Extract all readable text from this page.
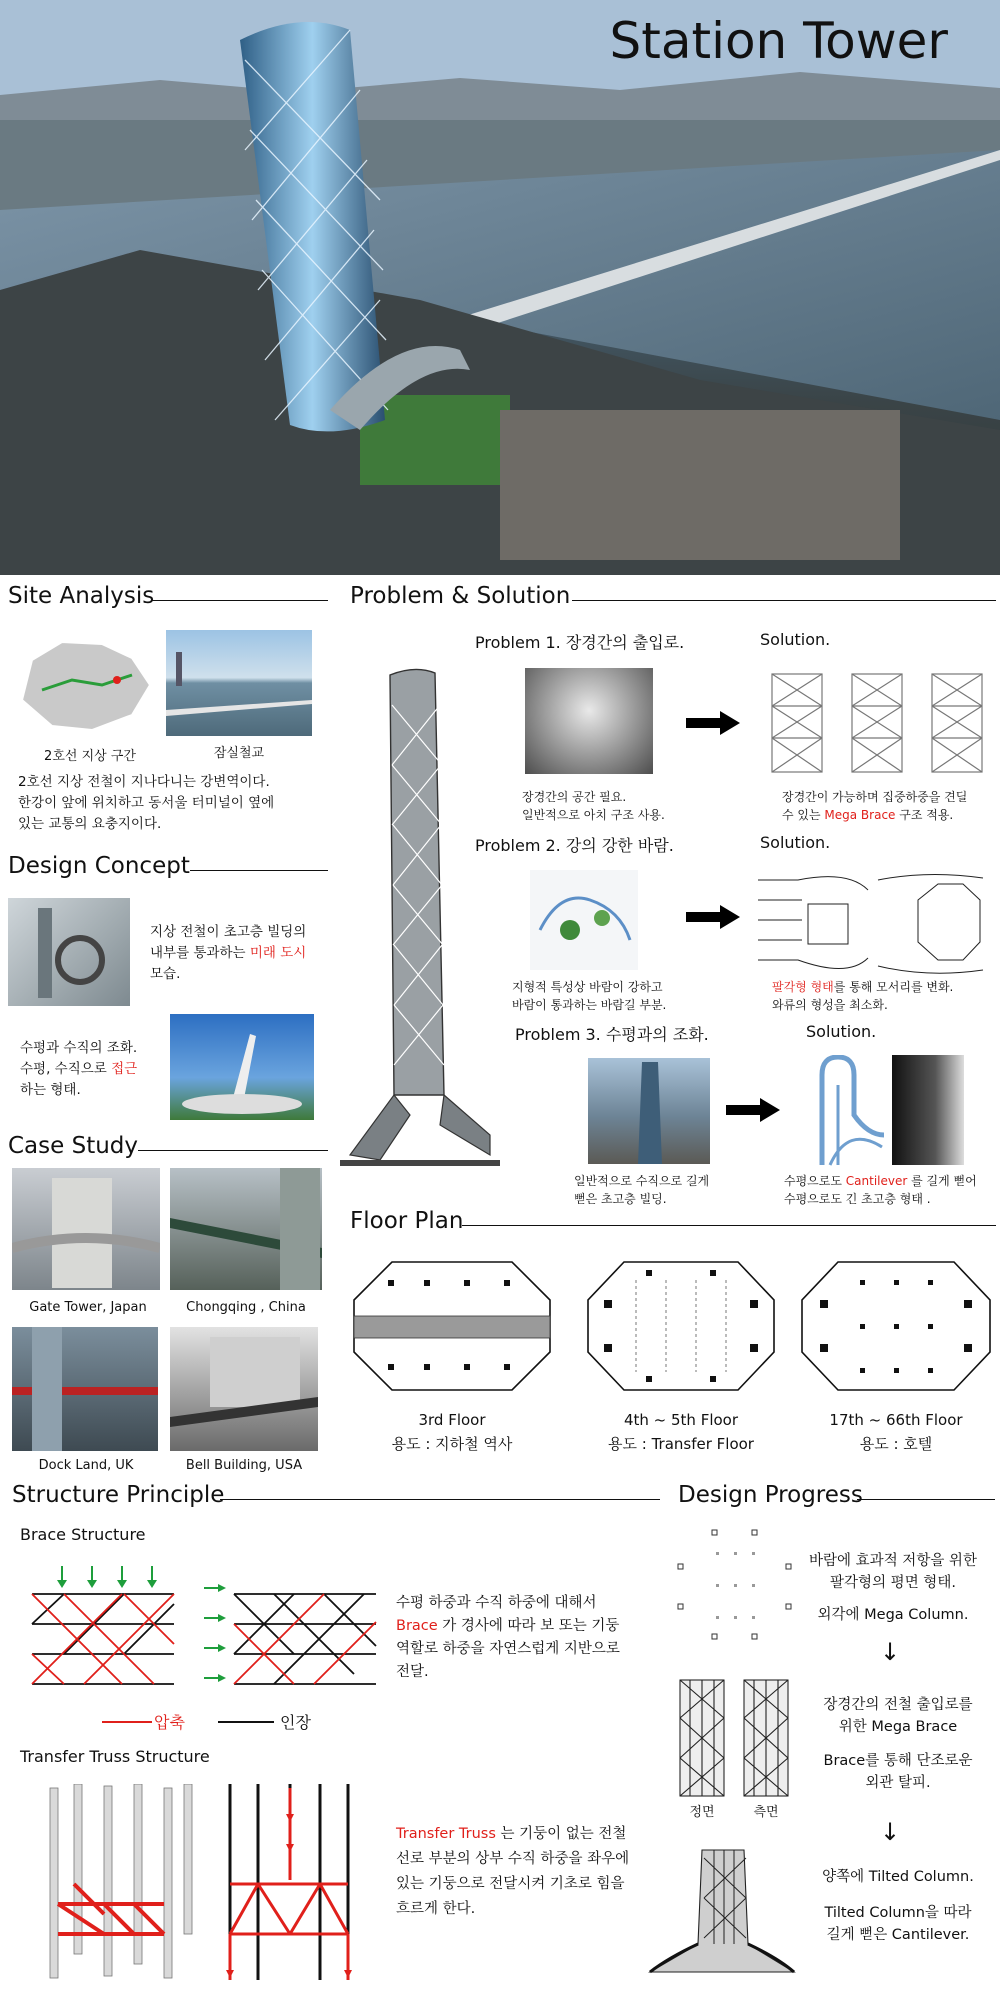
Station Tower
Site Analysis
2호선 지상 구간	잠실철교
2호선 지상 전철이 지나다니는 강변역이다.
한강이 앞에 위치하고 동서울 터미널이 옆에
있는 교통의 요충지이다.
Design Concept
지상 전철이 초고층 빌딩의
내부를 통과하는 미래 도시
모습.
수평과 수직의 조화.
수평, 수직으로 접근
하는 형태.
Case Study
Gate Tower, Japan	Chongqing , China
Dock Land, UK	Bell Building, USA
Problem & Solution
Problem 1. 장경간의 출입로.	Solution.
장경간의 공간 필요.
일반적으로 아치 구조 사용.
장경간이 가능하며 집중하중을 견딜
수 있는 Mega Brace 구조 적용.
Problem 2. 강의 강한 바람.	Solution.
지형적 특성상 바람이 강하고
바람이 통과하는 바람길 부분.
팔각형 형태를 통해 모서리를 변화.
와류의 형성을 최소화.
Problem 3. 수평과의 조화.	Solution.
일반적으로 수직으로 길게
뻗은 초고층 빌딩.
수평으로도 Cantilever 를 길게 뻗어
수평으로도 긴 초고층 형태 .
Floor Plan
3rd Floor
용도 : 지하철 역사
4th ~ 5th Floor
용도 : Transfer Floor
17th ~ 66th Floor
용도 : 호텔
Structure Principle
Brace Structure
압축	인장
수평 하중과 수직 하중에 대해서
Brace 가 경사에 따라 보 또는 기둥
역할로 하중을 자연스럽게 지반으로
전달.
Transfer Truss Structure
Transfer Truss 는 기둥이 없는 전철
선로 부분의 상부 수직 하중을 좌우에
있는 기둥으로 전달시켜 기초로 힘을
흐르게 한다.
Design Progress
바람에 효과적 저항을 위한
팔각형의 평면 형태.
외각에 Mega Column.
↓
정면	측면
장경간의 전철 출입로를
위한 Mega Brace
Brace를 통해 단조로운
외관 탈피.
↓
양쪽에 Tilted Column.
Tilted Column을 따라
길게 뻗은 Cantilever.
